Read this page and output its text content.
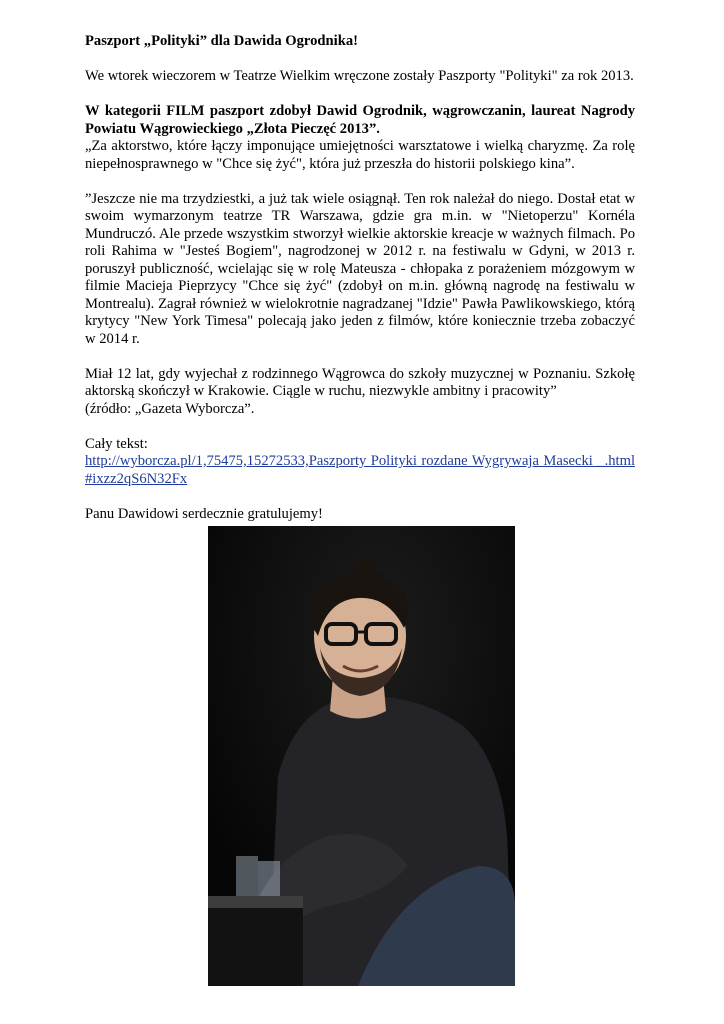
Paszport „Polityki” dla Dawida Ogrodnika!

We wtorek wieczorem w Teatrze Wielkim wręczone zostały Paszporty "Polityki" za rok 2013.

W kategorii FILM paszport zdobył Dawid Ogrodnik, wągrowczanin, laureat Nagrody Powiatu Wągrowieckiego „Złota Pieczęć 2013”.

„Za aktorstwo, które łączy imponujące umiejętności warsztatowe i wielką charyzmę. Za rolę niepełnosprawnego w "Chce się żyć", która już przeszła do historii polskiego kina”.

”Jeszcze nie ma trzydziestki, a już tak wiele osiągnął. Ten rok należał do niego. Dostał etat w swoim wymarzonym teatrze TR Warszawa, gdzie gra m.in. w "Nietoperzu" Kornéla Mundruczó. Ale przede wszystkim stworzył wielkie aktorskie kreacje w ważnych filmach. Po roli Rahima w "Jesteś Bogiem", nagrodzonej w 2012 r. na festiwalu w Gdyni, w 2013 r. poruszył publiczność, wcielając się w rolę Mateusza - chłopaka z porażeniem mózgowym w filmie Macieja Pieprzycy "Chce się żyć" (zdobył on m.in. główną nagrodę na festiwalu w Montrealu). Zagrał również w wielokrotnie nagradzanej "Idzie" Pawła Pawlikowskiego, którą krytycy "New York Timesa" polecają jako jeden z filmów, które koniecznie trzeba zobaczyć w 2014 r.

Miał 12 lat, gdy wyjechał z rodzinnego Wągrowca do szkoły muzycznej w Poznaniu. Szkołę aktorską skończył w Krakowie. Ciągle w ruchu, niezwykle ambitny i pracowity”

(źródło: „Gazeta Wyborcza”.

Cały tekst:

http://wyborcza.pl/1,75475,15272533,Paszporty Polityki rozdane Wygrywaja Masecki _.html#ixzz2qS6N32Fx

Panu Dawidowi serdecznie gratulujemy!
